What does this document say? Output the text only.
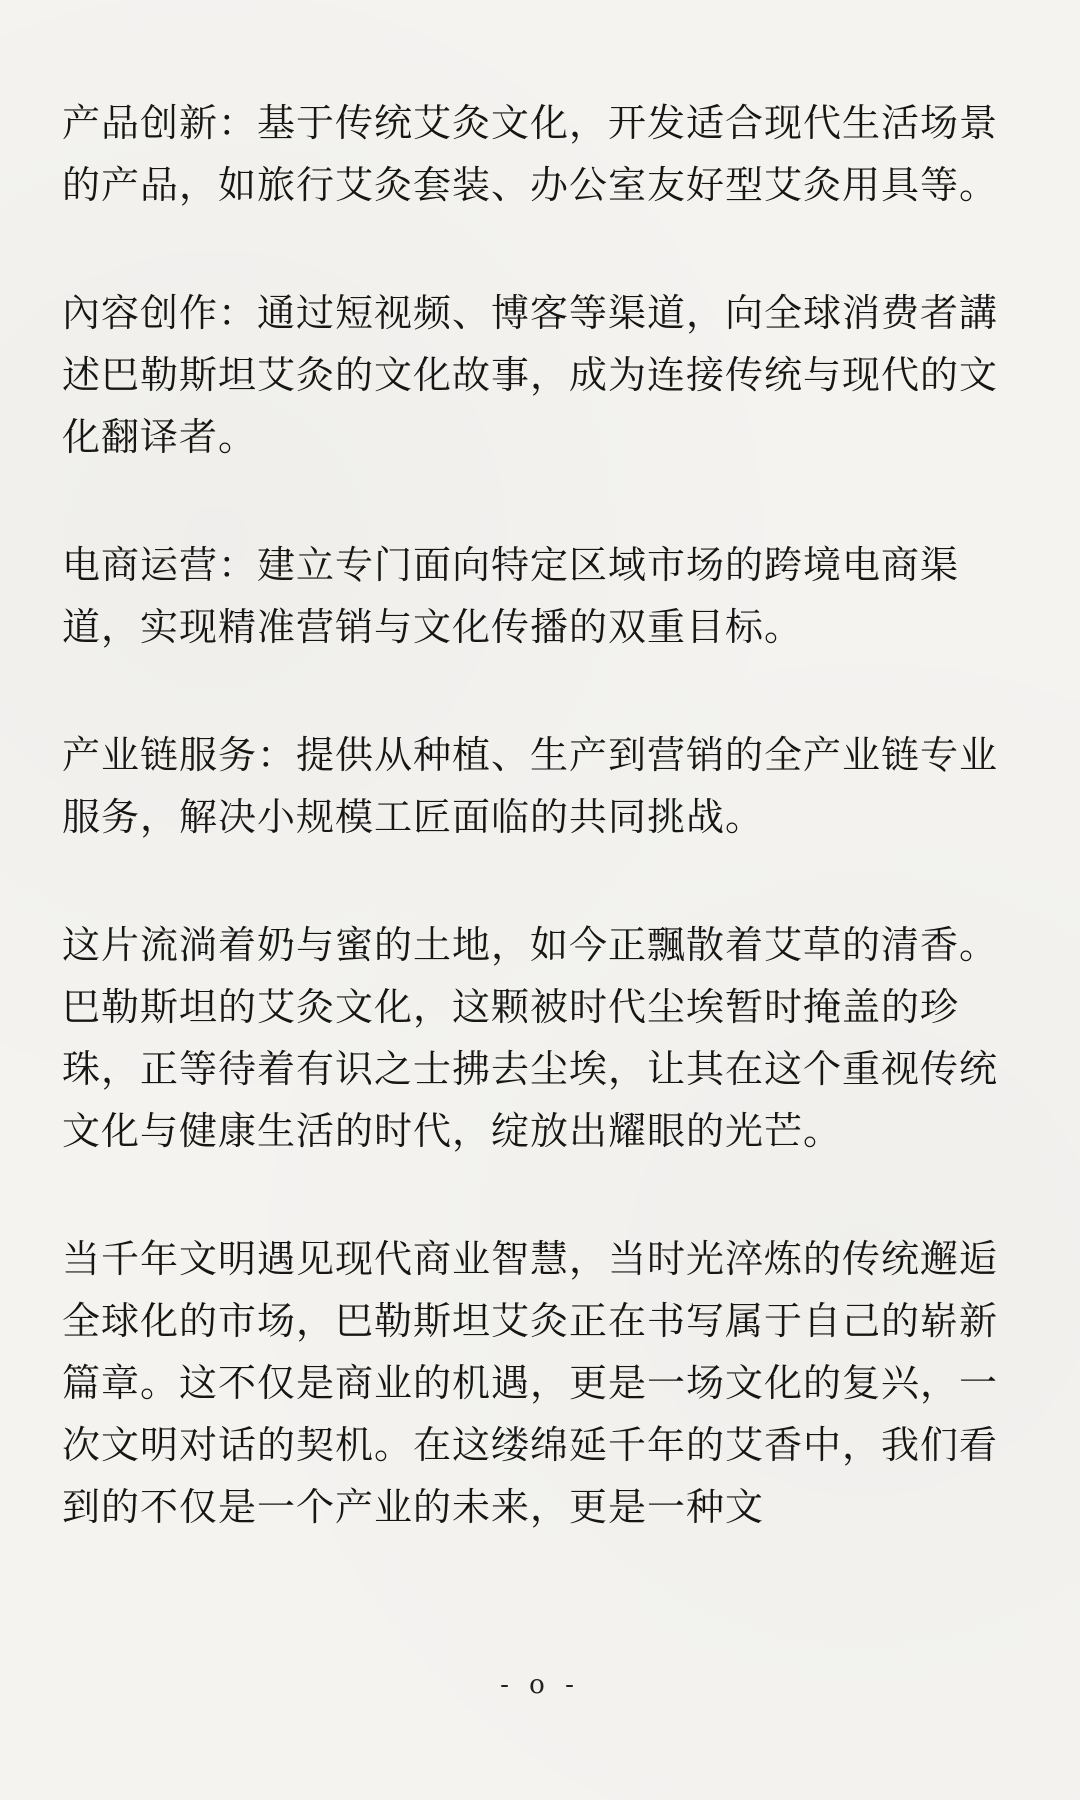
产品创新：基于传统艾灸文化，开发适合现代生活场景的产品，如旅行艾灸套装、办公室友好型艾灸用具等。

內容创作：通过短视频、博客等渠道，向全球消费者講述巴勒斯坦艾灸的文化故事，成为连接传统与现代的文化翻译者。

电商运营：建立专门面向特定区域市场的跨境电商渠道，实现精准营销与文化传播的双重目标。

产业链服务：提供从种植、生产到营销的全产业链专业服务，解决小规模工匠面临的共同挑战。

这片流淌着奶与蜜的土地，如今正飄散着艾草的清香。巴勒斯坦的艾灸文化，这颗被时代尘埃暂时掩盖的珍珠，正等待着有识之士拂去尘埃，让其在这个重视传统文化与健康生活的时代，绽放出耀眼的光芒。

当千年文明遇见现代商业智慧，当时光淬炼的传统邂逅全球化的市场，巴勒斯坦艾灸正在书写属于自己的崭新篇章。这不仅是商业的机遇，更是一场文化的复兴，一次文明对话的契机。在这缕绵延千年的艾香中，我们看到的不仅是一个产业的未来，更是一种文

- o -
